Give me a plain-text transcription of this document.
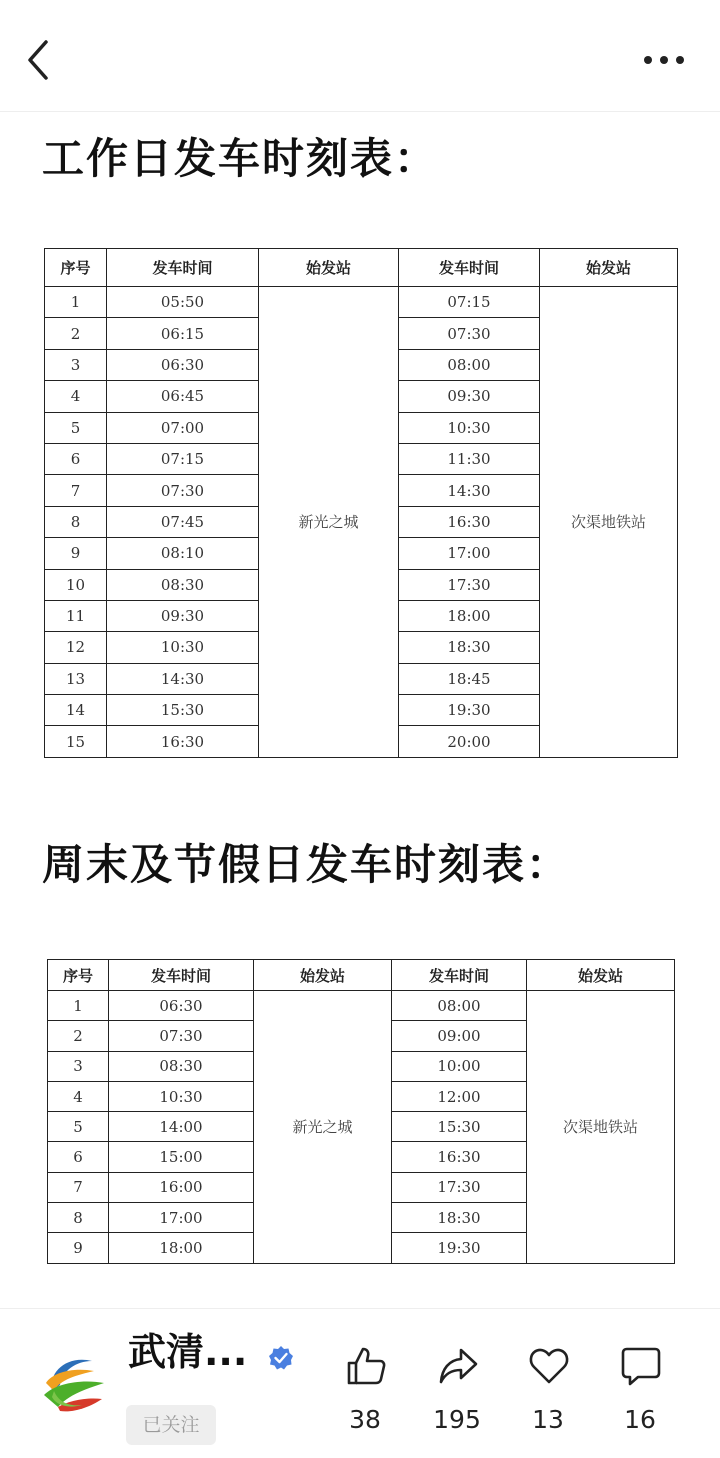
工作日发车时刻表：
序号	发车时间	始发站	发车时间	始发站
1	05:50	新光之城	07:15	次渠地铁站
2	06:15		07:30	
3	06:30		08:00	
4	06:45		09:30	
5	07:00		10:30	
6	07:15		11:30	
7	07:30		14:30	
8	07:45		16:30	
9	08:10		17:00	
10	08:30		17:30	
11	09:30		18:00	
12	10:30		18:30	
13	14:30		18:45	
14	15:30		19:30	
15	16:30		20:00	
周末及节假日发车时刻表：
序号	发车时间	始发站	发车时间	始发站
1	06:30	新光之城	08:00	次渠地铁站
2	07:30		09:00	
3	08:30		10:00	
4	10:30		12:00	
5	14:00		15:30	
6	15:00		16:30	
7	16:00		17:30	
8	17:00		18:30	
9	18:00		19:30	
武清...
已关注	38	195	13	16
